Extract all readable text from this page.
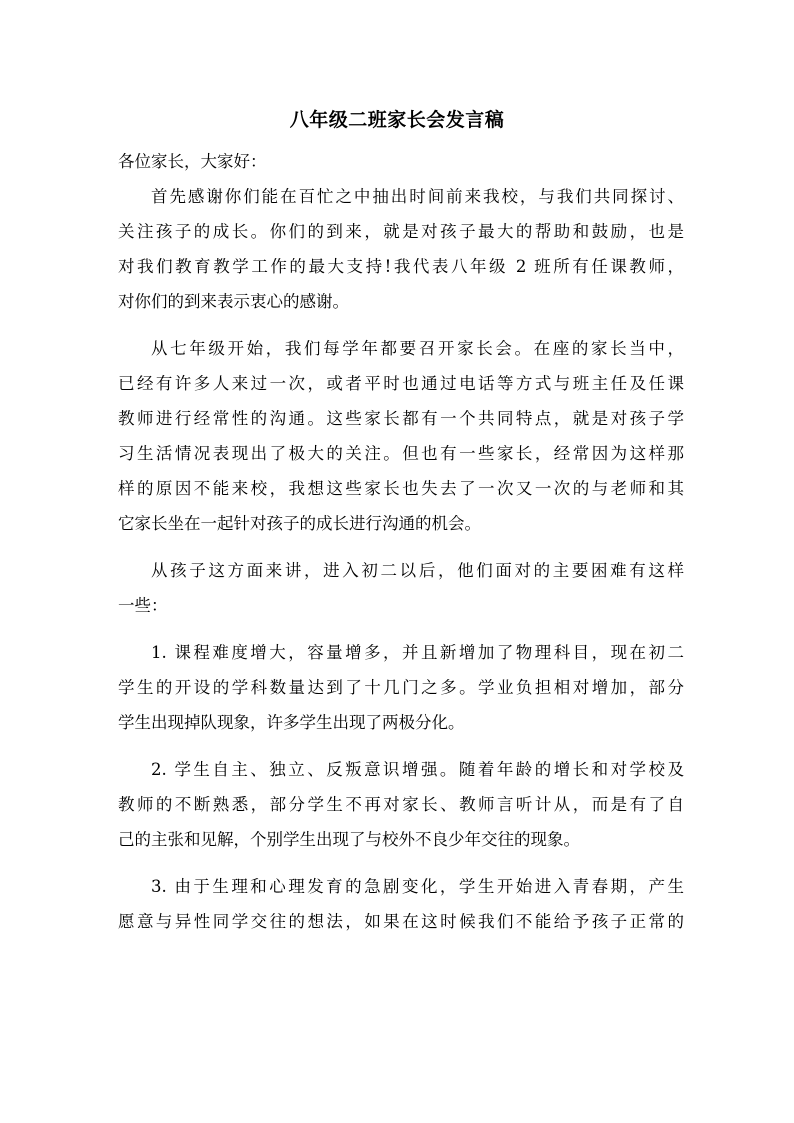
八年级二班家长会发言稿

各位家长，大家好：

首先感谢你们能在百忙之中抽出时间前来我校，与我们共同探讨、
关注孩子的成长。你们的到来，就是对孩子最大的帮助和鼓励，也是
对我们教育教学工作的最大支持!我代表八年级 2 班所有任课教师，
对你们的到来表示衷心的感谢。

从七年级开始，我们每学年都要召开家长会。在座的家长当中，
已经有许多人来过一次，或者平时也通过电话等方式与班主任及任课
教师进行经常性的沟通。这些家长都有一个共同特点，就是对孩子学
习生活情况表现出了极大的关注。但也有一些家长，经常因为这样那
样的原因不能来校，我想这些家长也失去了一次又一次的与老师和其
它家长坐在一起针对孩子的成长进行沟通的机会。

从孩子这方面来讲，进入初二以后，他们面对的主要困难有这样
一些：

1. 课程难度增大，容量增多，并且新增加了物理科目，现在初二
学生的开设的学科数量达到了十几门之多。学业负担相对增加，部分
学生出现掉队现象，许多学生出现了两极分化。

2. 学生自主、独立、反叛意识增强。随着年龄的增长和对学校及
教师的不断熟悉，部分学生不再对家长、教师言听计从，而是有了自
己的主张和见解，个别学生出现了与校外不良少年交往的现象。

3. 由于生理和心理发育的急剧变化，学生开始进入青春期，产生
愿意与异性同学交往的想法，如果在这时候我们不能给予孩子正常的
